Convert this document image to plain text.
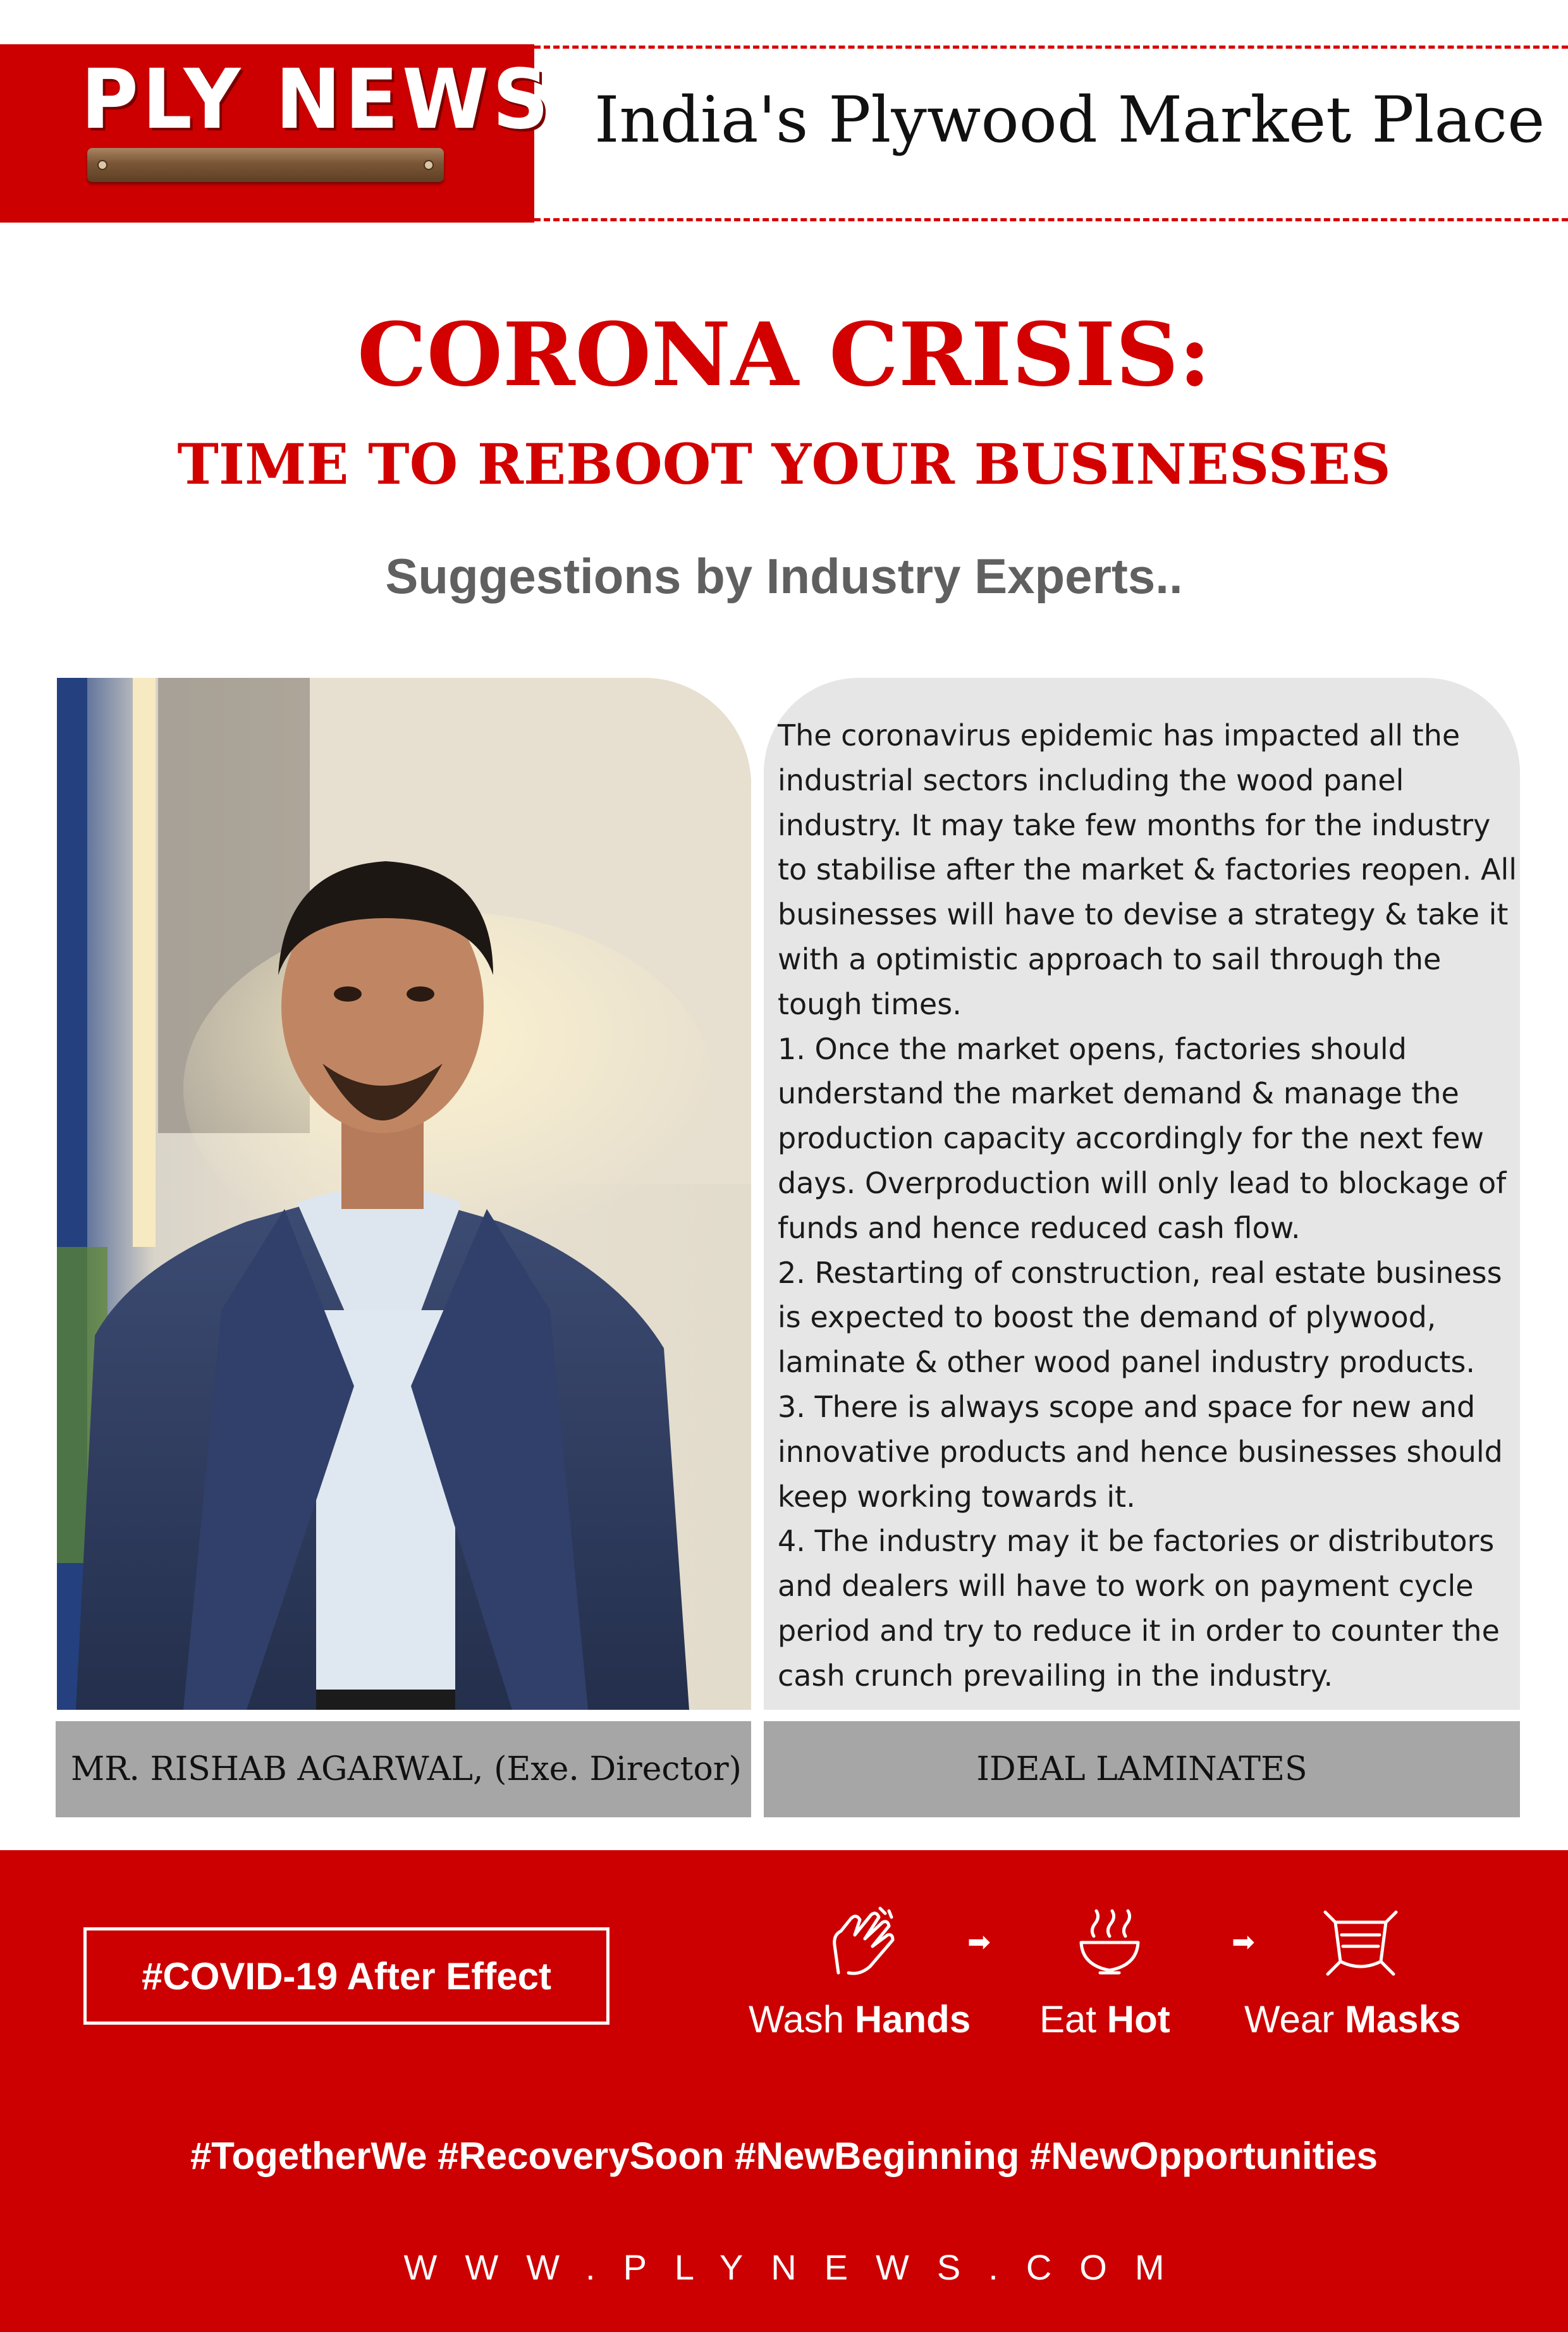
PLY NEWS India's Plywood Market Place
CORONA CRISIS:
TIME TO REBOOT YOUR BUSINESSES
Suggestions by Industry Experts..

The coronavirus epidemic has impacted all the industrial sectors including the wood panel industry. It may take few months for the industry to stabilise after the market & factories reopen. All businesses will have to devise a strategy & take it with a optimistic approach to sail through the tough times.

1. Once the market opens, factories should understand the market demand & manage the production capacity accordingly for the next few days. Overproduction will only lead to blockage of funds and hence reduced cash flow.

2. Restarting of construction, real estate business is expected to boost the demand of plywood, laminate & other wood panel industry products.

3. There is always scope and space for new and innovative products and hence businesses should keep working towards it.

4. The industry may it be factories or distributors and dealers will have to work on payment cycle period and try to reduce it in order to counter the cash crunch prevailing in the industry.

MR. RISHAB AGARWAL, (Exe. Director)	IDEAL LAMINATES
#COVID-19 After Effect
➡	➡
Wash Hands Eat Hot Wear Masks
#TogetherWe #RecoverySoon #NewBeginning #NewOpportunities
WWW.PLYNEWS.COM
